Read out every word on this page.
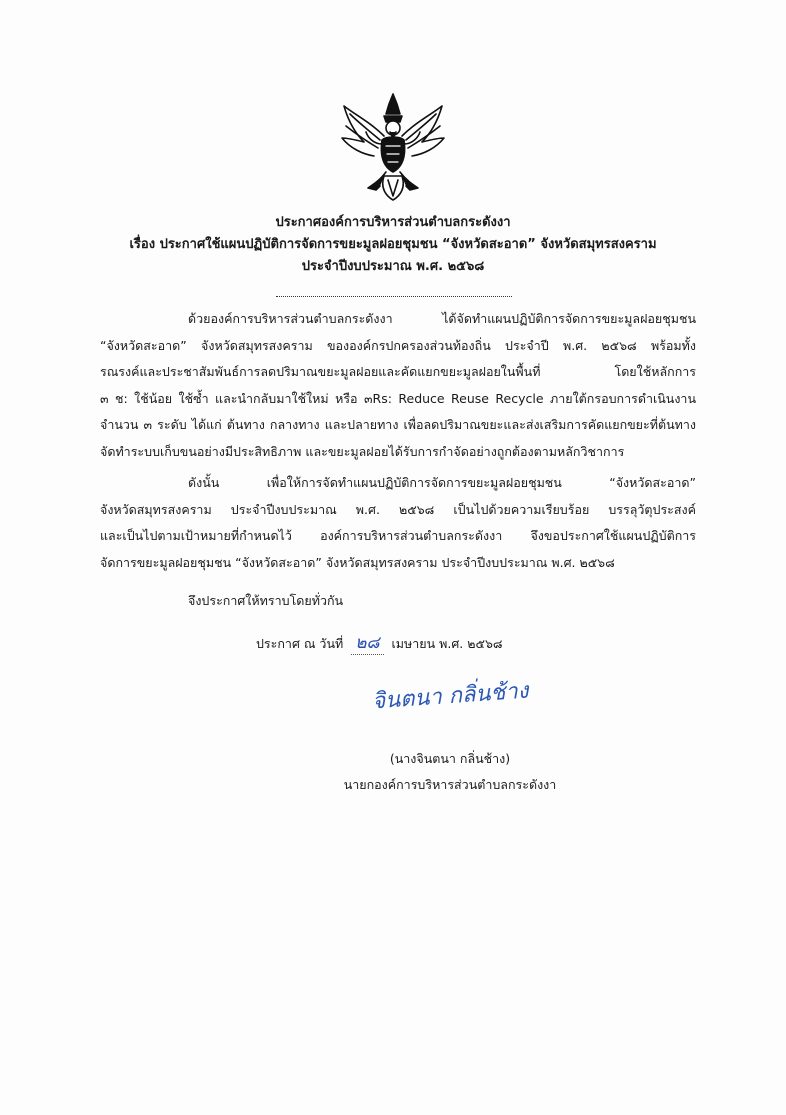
ประกาศองค์การบริหารส่วนตำบลกระดังงา
เรื่อง ประกาศใช้แผนปฏิบัติการจัดการขยะมูลฝอยชุมชน “จังหวัดสะอาด” จังหวัดสมุทรสงคราม
ประจำปีงบประมาณ พ.ศ. ๒๕๖๘

ด้วยองค์การบริหารส่วนตำบลกระดังงา ได้จัดทำแผนปฏิบัติการจัดการขยะมูลฝอยชุมชน
“จังหวัดสะอาด” จังหวัดสมุทรสงคราม ขององค์กรปกครองส่วนท้องถิ่น ประจำปี พ.ศ. ๒๕๖๘ พร้อมทั้ง
รณรงค์และประชาสัมพันธ์การลดปริมาณขยะมูลฝอยและคัดแยกขยะมูลฝอยในพื้นที่ โดยใช้หลักการ
๓ ช: ใช้น้อย ใช้ซ้ำ และนำกลับมาใช้ใหม่ หรือ ๓Rs: Reduce Reuse Recycle ภายใต้กรอบการดำเนินงาน
จำนวน ๓ ระดับ ได้แก่ ต้นทาง กลางทาง และปลายทาง เพื่อลดปริมาณขยะและส่งเสริมการคัดแยกขยะที่ต้นทาง
จัดทำระบบเก็บขนอย่างมีประสิทธิภาพ และขยะมูลฝอยได้รับการกำจัดอย่างถูกต้องตามหลักวิชาการ

ดังนั้น เพื่อให้การจัดทำแผนปฏิบัติการจัดการขยะมูลฝอยชุมชน “จังหวัดสะอาด”
จังหวัดสมุทรสงคราม ประจำปีงบประมาณ พ.ศ. ๒๕๖๘ เป็นไปด้วยความเรียบร้อย บรรลุวัตุประสงค์
และเป็นไปตามเป้าหมายที่กำหนดไว้ องค์การบริหารส่วนตำบลกระดังงา จึงขอประกาศใช้แผนปฏิบัติการ
จัดการขยะมูลฝอยชุมชน “จังหวัดสะอาด” จังหวัดสมุทรสงคราม ประจำปีงบประมาณ พ.ศ. ๒๕๖๘

จึงประกาศให้ทราบโดยทั่วกัน
ประกาศ ณ วันที่ ๒๘ เมษายน พ.ศ. ๒๕๖๘
จินตนา กลิ่นช้าง
(นางจินตนา กลิ่นช้าง)
นายกองค์การบริหารส่วนตำบลกระดังงา
